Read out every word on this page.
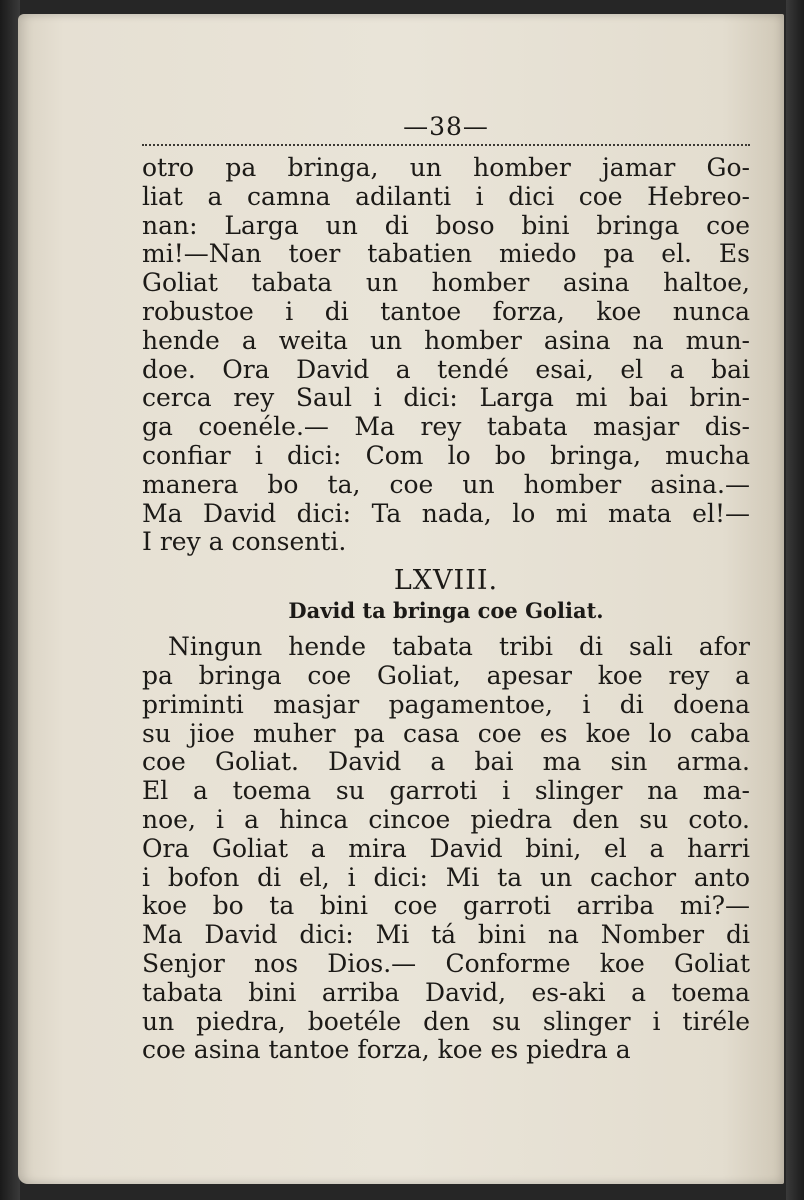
—38—
otro pa bringa, un homber jamar Go-
liat a camna adilanti i dici coe Hebreo-
nan: Larga un di boso bini bringa coe
mi!—Nan toer tabatien miedo pa el. Es
Goliat tabata un homber asina haltoe,
robustoe i di tantoe forza, koe nunca
hende a weita un homber asina na mun-
doe. Ora David a tendé esai, el a bai
cerca rey Saul i dici: Larga mi bai brin-
ga coenéle.— Ma rey tabata masjar dis-
confiar i dici: Com lo bo bringa, mucha
manera bo ta, coe un homber asina.—
Ma David dici: Ta nada, lo mi mata el!—
I rey a consenti.
LXVIII.
David ta bringa coe Goliat.
Ningun hende tabata tribi di sali afor
pa bringa coe Goliat, apesar koe rey a
priminti masjar pagamentoe, i di doena
su jioe muher pa casa coe es koe lo caba
coe Goliat. David a bai ma sin arma.
El a toema su garroti i slinger na ma-
noe, i a hinca cincoe piedra den su coto.
Ora Goliat a mira David bini, el a harri
i bofon di el, i dici: Mi ta un cachor anto
koe bo ta bini coe garroti arriba mi?—
Ma David dici: Mi tá bini na Nomber di
Senjor nos Dios.— Conforme koe Goliat
tabata bini arriba David, es-aki a toema
un piedra, boetéle den su slinger i tiréle
coe asina tantoe forza, koe es piedra a
